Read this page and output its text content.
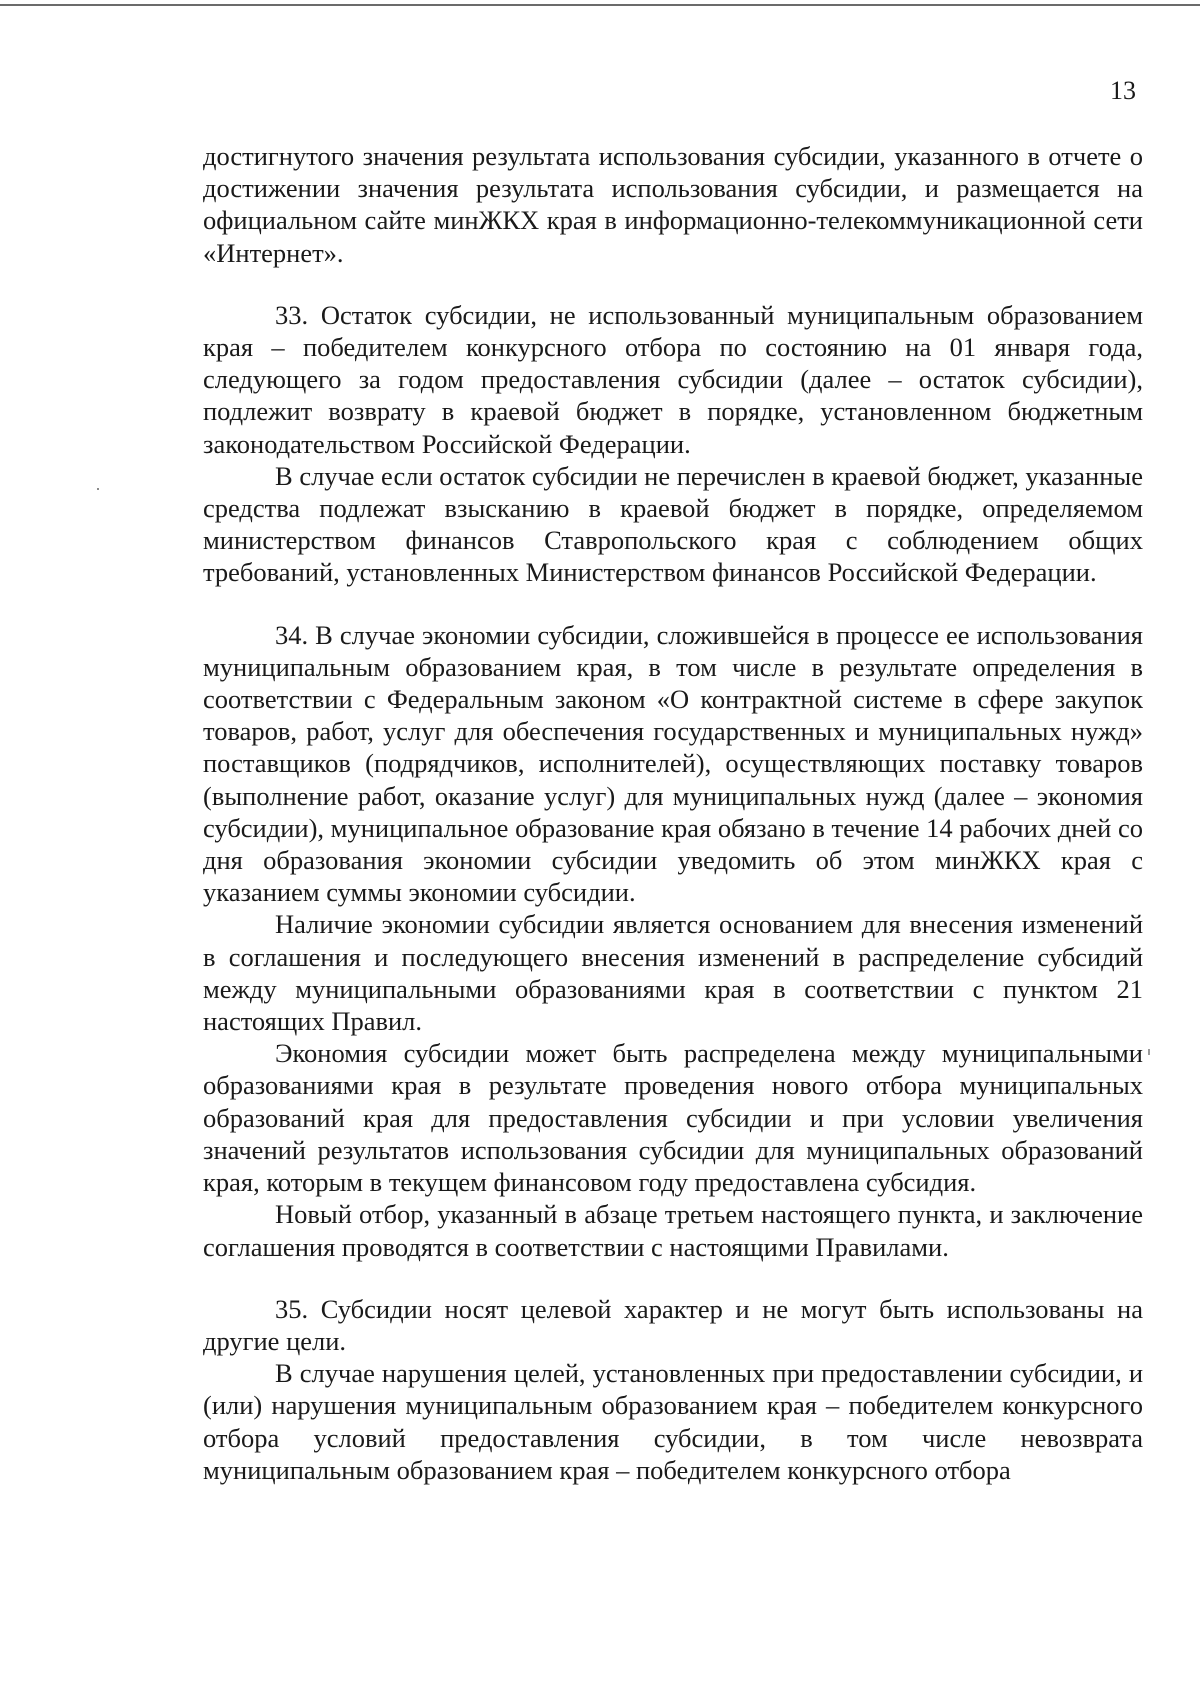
13

достигнутого значения результата использования субсидии, указанного в отчете о достижении значения результата использования субсидии, и размещается на официальном сайте минЖКХ края в информационно-телекоммуникационной сети «Интернет».

33. Остаток субсидии, не использованный муниципальным образованием края – победителем конкурсного отбора по состоянию на 01 января года, следующего за годом предоставления субсидии (далее – остаток субсидии), подлежит возврату в краевой бюджет в порядке, установленном бюджетным законодательством Российской Федерации.

В случае если остаток субсидии не перечислен в краевой бюджет, указанные средства подлежат взысканию в краевой бюджет в порядке, определяемом министерством финансов Ставропольского края с соблюдением общих требований, установленных Министерством финансов Российской Федерации.

34. В случае экономии субсидии, сложившейся в процессе ее использования муниципальным образованием края, в том числе в результате определения в соответствии с Федеральным законом «О контрактной системе в сфере закупок товаров, работ, услуг для обеспечения государственных и муниципальных нужд» поставщиков (подрядчиков, исполнителей), осуществляющих поставку товаров (выполнение работ, оказание услуг) для муниципальных нужд (далее – экономия субсидии), муниципальное образование края обязано в течение 14 рабочих дней со дня образования экономии субсидии уведомить об этом минЖКХ края с указанием суммы экономии субсидии.

Наличие экономии субсидии является основанием для внесения изменений в соглашения и последующего внесения изменений в распределение субсидий между муниципальными образованиями края в соответствии с пунктом 21 настоящих Правил.

Экономия субсидии может быть распределена между муниципальными образованиями края в результате проведения нового отбора муниципальных образований края для предоставления субсидии и при условии увеличения значений результатов использования субсидии для муниципальных образований края, которым в текущем финансовом году предоставлена субсидия.

Новый отбор, указанный в абзаце третьем настоящего пункта, и заключение соглашения проводятся в соответствии с настоящими Правилами.

35. Субсидии носят целевой характер и не могут быть использованы на другие цели.

В случае нарушения целей, установленных при предоставлении субсидии, и (или) нарушения муниципальным образованием края – победителем конкурсного отбора условий предоставления субсидии, в том числе невозврата муниципальным образованием края – победителем конкурсного отбора
